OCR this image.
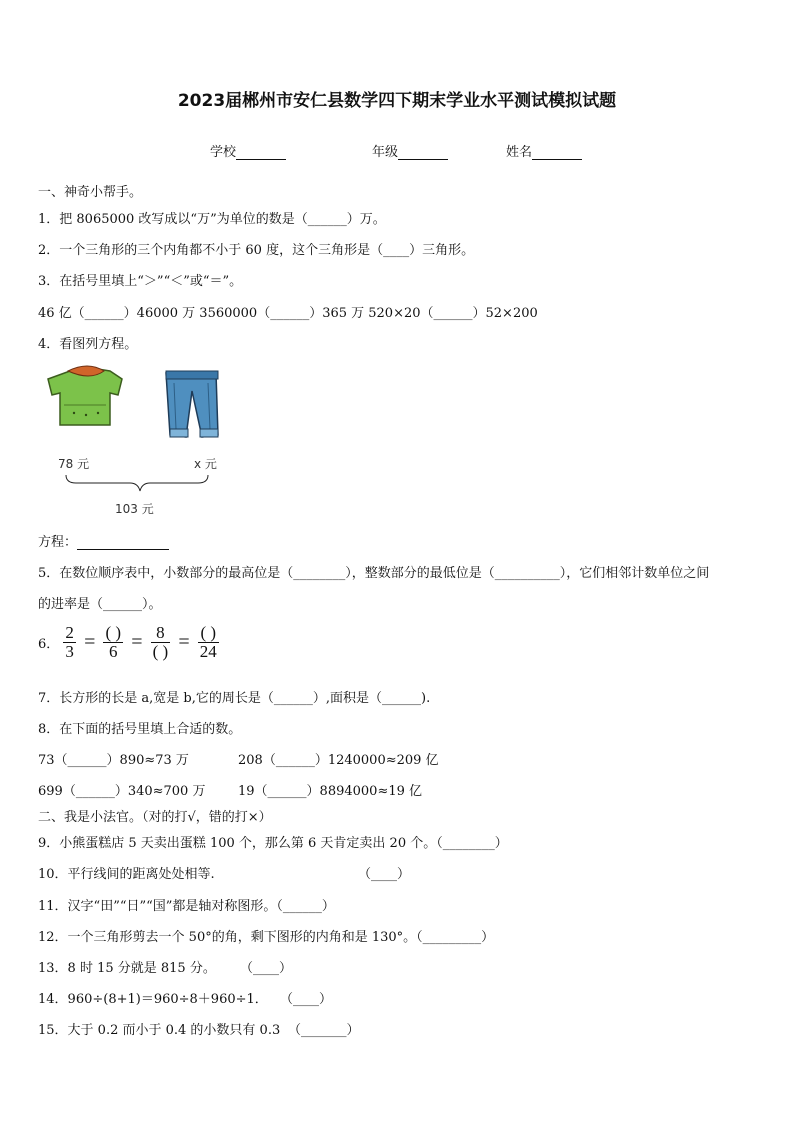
2023届郴州市安仁县数学四下期末学业水平测试模拟试题
学校	年级	姓名
一、神奇小帮手。
1．把 8065000 改写成以“万”为单位的数是（______）万。
2．一个三角形的三个内角都不小于 60 度，这个三角形是（____）三角形。
3．在括号里填上“＞”“＜”或“＝”。
46 亿（______）46000 万 3560000（______）365 万 520×20（______）52×200
4．看图列方程。
78 元	x 元
103 元
方程：
5．在数位顺序表中，小数部分的最高位是（________），整数部分的最低位是（__________），它们相邻计数单位之间
的进率是（______）。
6． $\frac{2}{3} = \frac{( )}{6} = \frac{8}{( )} = \frac{( )}{24}$
7．长方形的长是 a,宽是 b,它的周长是（______）,面积是（______).
8．在下面的括号里填上合适的数。
73（______）890≈73 万	208（______）1240000≈209 亿
699（______）340≈700 万	19（______）8894000≈19 亿
二、我是小法官。（对的打√，错的打×）
9．小熊蛋糕店 5 天卖出蛋糕 100 个，那么第 6 天肯定卖出 20 个。（________）
10．平行线间的距离处处相等.	（____）
11．汉字“田”“日”“国”都是轴对称图形。（______）
12．一个三角形剪去一个 50°的角，剩下图形的内角和是 130°。（_________）
13．8 时 15 分就是 815 分。 （____）
14．960÷(8+1)＝960÷8＋960÷1． （____）
15．大于 0.2 而小于 0.4 的小数只有 0.3 （_______）
